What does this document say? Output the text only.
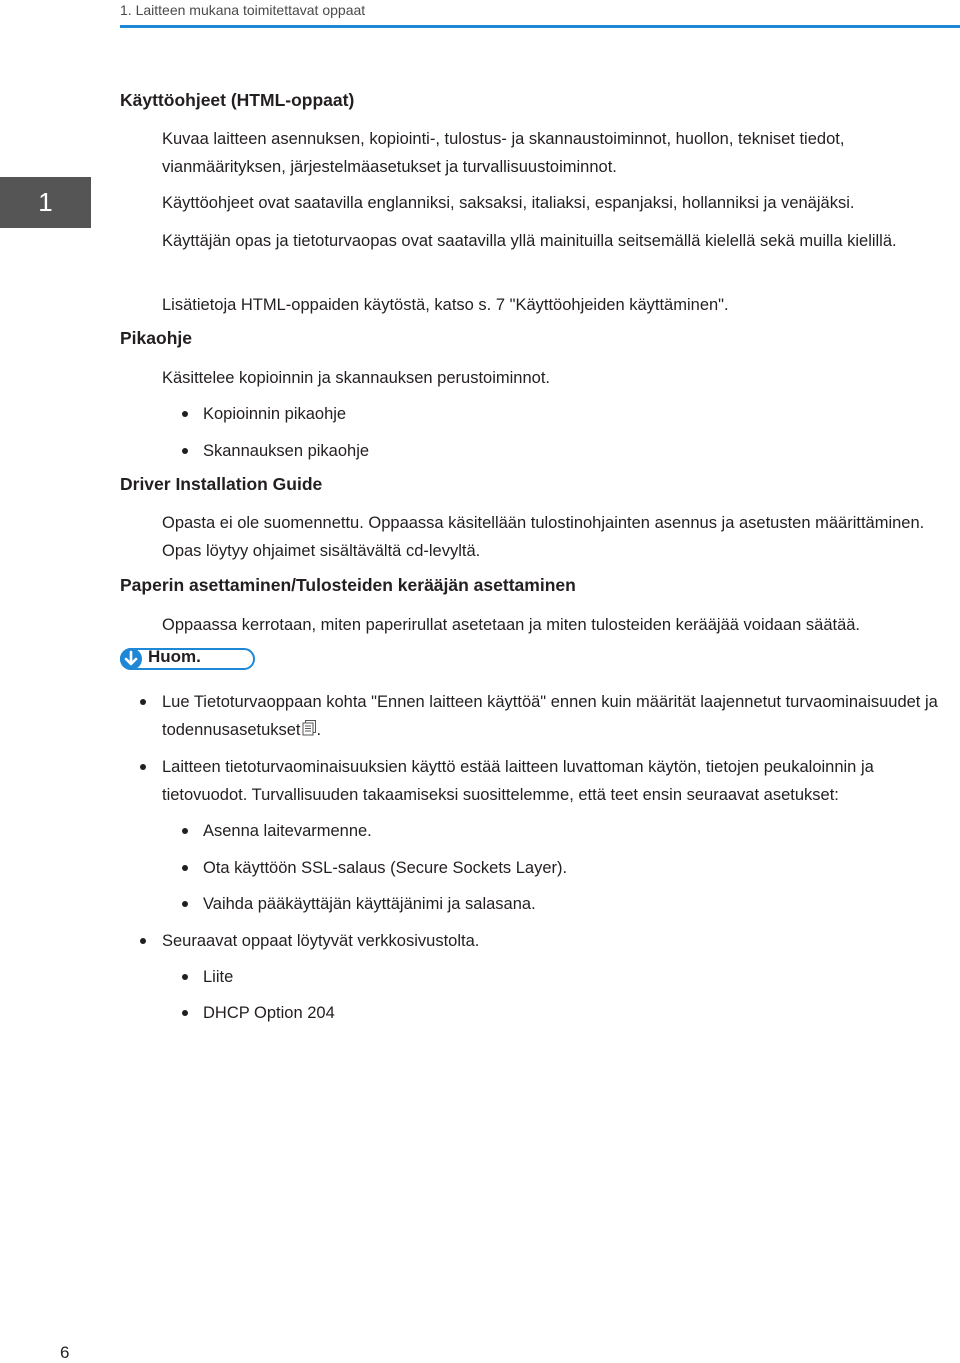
1. Laitteen mukana toimitettavat oppaat
1
Käyttöohjeet (HTML-oppaat)
Kuvaa laitteen asennuksen, kopiointi-, tulostus- ja skannaustoiminnot, huollon, tekniset tiedot, vianmäärityksen, järjestelmäasetukset ja turvallisuustoiminnot.
Käyttöohjeet ovat saatavilla englanniksi, saksaksi, italiaksi, espanjaksi, hollanniksi ja venäjäksi.
Käyttäjän opas ja tietoturvaopas ovat saatavilla yllä mainituilla seitsemällä kielellä sekä muilla kielillä.
Lisätietoja HTML-oppaiden käytöstä, katso s. 7 "Käyttöohjeiden käyttäminen".
Pikaohje
Käsittelee kopioinnin ja skannauksen perustoiminnot.
Kopioinnin pikaohje
Skannauksen pikaohje
Driver Installation Guide
Opasta ei ole suomennettu. Oppaassa käsitellään tulostinohjainten asennus ja asetusten määrittäminen. Opas löytyy ohjaimet sisältävältä cd-levyltä.
Paperin asettaminen/Tulosteiden kerääjän asettaminen
Oppaassa kerrotaan, miten paperirullat asetetaan ja miten tulosteiden kerääjää voidaan säätää.
Huom.
Lue Tietoturvaoppaan kohta "Ennen laitteen käyttöä" ennen kuin määrität laajennetut turvaominaisuudet ja todennusasetukset .
Laitteen tietoturvaominaisuuksien käyttö estää laitteen luvattoman käytön, tietojen peukaloinnin ja tietovuodot. Turvallisuuden takaamiseksi suosittelemme, että teet ensin seuraavat asetukset:
Asenna laitevarmenne.
Ota käyttöön SSL-salaus (Secure Sockets Layer).
Vaihda pääkäyttäjän käyttäjänimi ja salasana.
Seuraavat oppaat löytyvät verkkosivustolta.
Liite
DHCP Option 204
6
